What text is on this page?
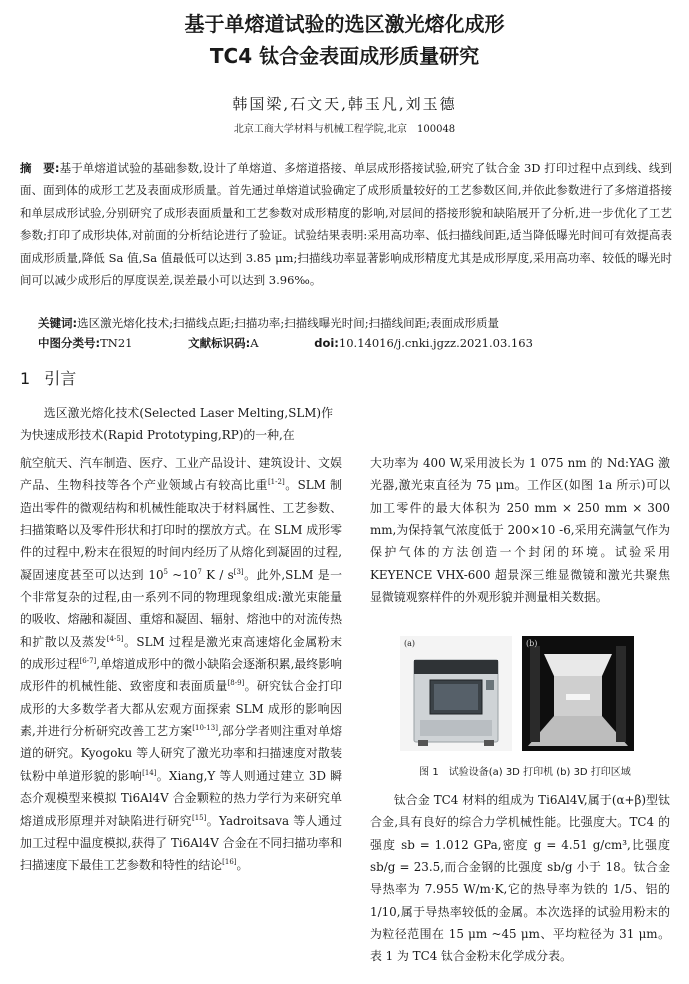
基于单熔道试验的选区激光熔化成形
TC4 钛合金表面成形质量研究
韩国梁,石文天,韩玉凡,刘玉德
北京工商大学材料与机械工程学院,北京　100048
摘　要:基于单熔道试验的基础参数,设计了单熔道、多熔道搭接、单层成形搭接试验,研究了钛合金 3D 打印过程中点到线、线到面、面到体的成形工艺及表面成形质量。首先通过单熔道试验确定了成形质量较好的工艺参数区间,并依此参数进行了多熔道搭接和单层成形试验,分别研究了成形表面质量和工艺参数对成形精度的影响,对层间的搭接形貌和缺陷展开了分析,进一步优化了工艺参数;打印了成形块体,对前面的分析结论进行了验证。试验结果表明:采用高功率、低扫描线间距,适当降低曝光时间可有效提高表面成形质量,降低 Sa 值,Sa 值最低可以达到 3.85 μm;扫描线功率显著影响成形精度尤其是成形厚度,采用高功率、较低的曝光时间可以减少成形后的厚度误差,误差最小可以达到 3.96‰。
关键词:选区激光熔化技术;扫描线点距;扫描功率;扫描线曝光时间;扫描线间距;表面成形质量
中图分类号:TN21	文献标识码:A	doi:10.14016/j.cnki.jgzz.2021.03.163
1 引言
选区激光熔化技术(Selected Laser Melting,SLM)作为快速成形技术(Rapid Prototyping,RP)的一种,在
航空航天、汽车制造、医疗、工业产品设计、建筑设计、文娱产品、生物科技等各个产业领域占有较高比重[1-2]。SLM 制造出零件的微观结构和机械性能取决于材料属性、工艺参数、扫描策略以及零件形状和打印时的摆放方式。在 SLM 成形零件的过程中,粉末在很短的时间内经历了从熔化到凝固的过程,凝固速度甚至可以达到 $10^5$ $\sim 10^7$ K / s[3]。此外,SLM 是一个非常复杂的过程,由一系列不同的物理现象组成:激光束能量的吸收、熔融和凝固、重熔和凝固、辐射、熔池中的对流传热和扩散以及蒸发[4-5]。SLM 过程是激光束高速熔化金属粉末的成形过程[6-7],单熔道成形中的微小缺陷会逐渐积累,最终影响成形件的机械性能、致密度和表面质量[8-9]。研究钛合金打印成形的大多数学者大都从宏观方面探索 SLM 成形的影响因素,并进行分析研究改善工艺方案[10-13],部分学者则注重对单熔道的研究。Kyogoku 等人研究了激光功率和扫描速度对散装钛粉中单道形貌的影响[14]。Xiang,Y 等人则通过建立 3D 瞬态介观模型来模拟 Ti6Al4V 合金颗粒的热力学行为来研究单熔道成形原理并对缺陷进行研究[15]。Yadroitsava 等人通过加工过程中温度模拟,获得了 Ti6Al4V 合金在不同扫描功率和扫描速度下最佳工艺参数和特性的结论[16]。
大功率为 400 W,采用波长为 1 075 nm 的 Nd:YAG 激光器,激光束直径为 75 μm。工作区(如图 1a 所示)可以加工零件的最大体积为 250 mm × 250 mm × 300 mm,为保持氧气浓度低于 200×10 -6,采用充满氩气作为保护气体的方法创造一个封闭的环境。试验采用 KEYENCE VHX-600 超景深三维显微镜和激光共聚焦显微镜观察样件的外观形貌并测量相关数据。
(a)	(b)
图 1　试验设备(a) 3D 打印机 (b) 3D 打印区域
钛合金 TC4 材料的组成为 Ti6Al4V,属于(α+β)型钛合金,具有良好的综合力学机械性能。比强度大。TC4 的强度 sb = 1.012 GPa,密度 g = 4.51 g/cm³,比强度 sb/g = 23.5,而合金钢的比强度 sb/g 小于 18。钛合金导热率为 7.955 W/m·K,它的热导率为铁的 1/5、铝的 1/10,属于导热率较低的金属。本次选择的试验用粉末的为粒径范围在 15 μm ~45 μm、平均粒径为 31 μm。表 1 为 TC4 钛合金粉末化学成分表。
